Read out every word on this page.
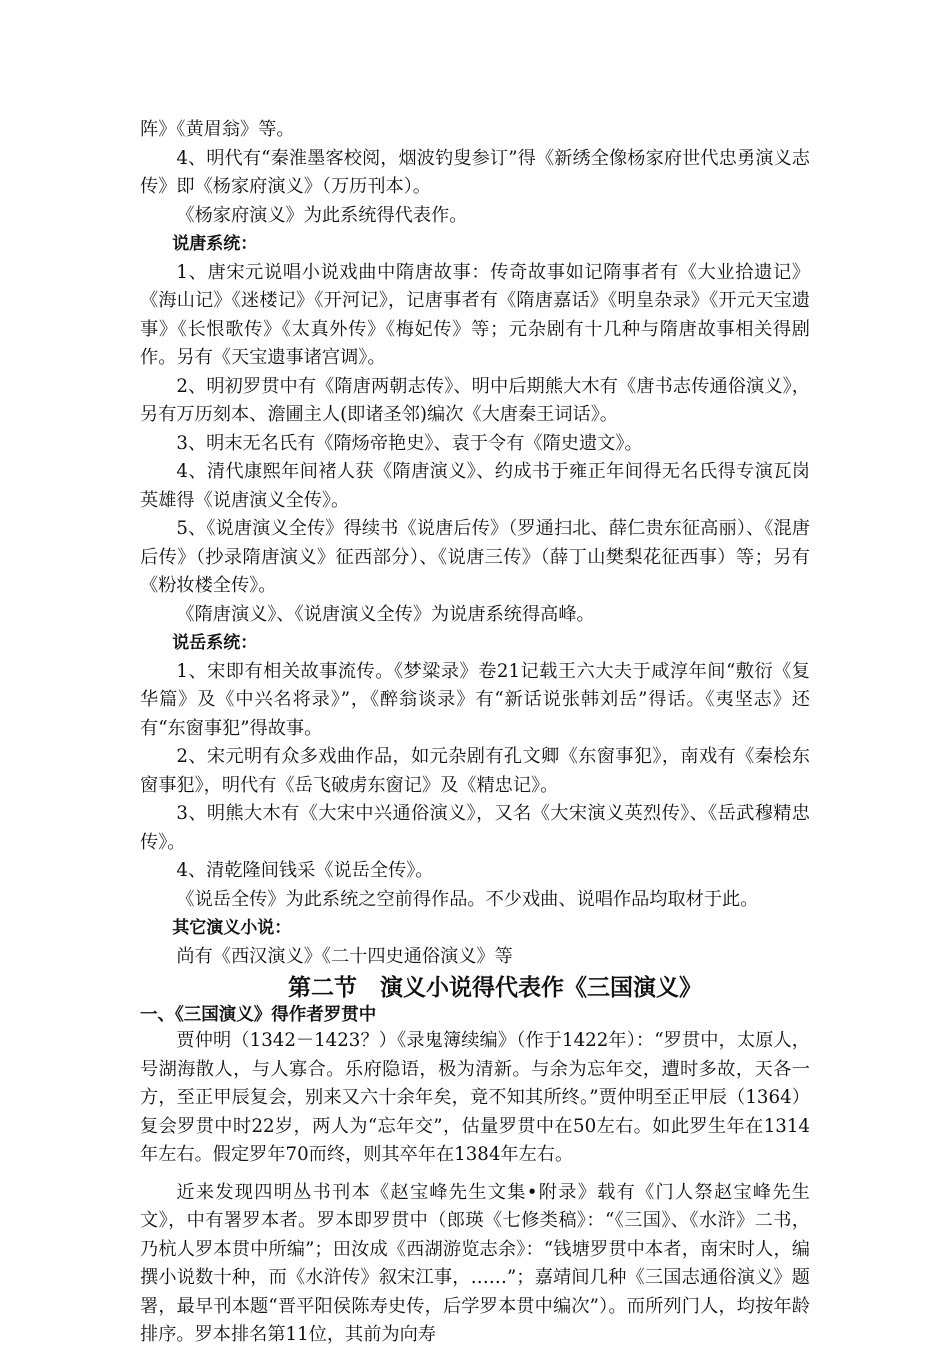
阵》《黄眉翁》等。

4、明代有“秦淮墨客校阅，烟波钓叟参订”得《新绣全像杨家府世代忠勇演义志传》即《杨家府演义》（万历刊本）。

《杨家府演义》为此系统得代表作。

说唐系统：

1、唐宋元说唱小说戏曲中隋唐故事：传奇故事如记隋事者有《大业拾遗记》《海山记》《迷楼记》《开河记》，记唐事者有《隋唐嘉话》《明皇杂录》《开元天宝遗事》《长恨歌传》《太真外传》《梅妃传》等；元杂剧有十几种与隋唐故事相关得剧作。另有《天宝遗事诸宫调》。

2、明初罗贯中有《隋唐两朝志传》、明中后期熊大木有《唐书志传通俗演义》，另有万历刻本、澹圃主人(即诸圣邻)编次《大唐秦王词话》。

3、明末无名氏有《隋炀帝艳史》、袁于令有《隋史遗文》。

4、清代康熙年间褚人获《隋唐演义》、约成书于雍正年间得无名氏得专演瓦岗英雄得《说唐演义全传》。

5、《说唐演义全传》得续书《说唐后传》（罗通扫北、薛仁贵东征高丽）、《混唐后传》（抄录隋唐演义》征西部分）、《说唐三传》（薛丁山樊梨花征西事）等；另有《粉妆楼全传》。

《隋唐演义》、《说唐演义全传》为说唐系统得高峰。

说岳系统：

1、宋即有相关故事流传。《梦粱录》卷21记载王六大夫于咸淳年间“敷衍《复华篇》及《中兴名将录》”，《醉翁谈录》有“新话说张韩刘岳”得话。《夷坚志》还有“东窗事犯”得故事。

2、宋元明有众多戏曲作品，如元杂剧有孔文卿《东窗事犯》，南戏有《秦桧东窗事犯》，明代有《岳飞破虏东窗记》及《精忠记》。

3、明熊大木有《大宋中兴通俗演义》，又名《大宋演义英烈传》、《岳武穆精忠传》。

4、清乾隆间钱采《说岳全传》。

《说岳全传》为此系统之空前得作品。不少戏曲、说唱作品均取材于此。

其它演义小说：

尚有《西汉演义》《二十四史通俗演义》等

第二节　演义小说得代表作《三国演义》
一、《三国演义》得作者罗贯中

贾仲明（1342－1423？）《录鬼簿续编》（作于1422年）：“罗贯中，太原人，号湖海散人，与人寡合。乐府隐语，极为清新。与余为忘年交，遭时多故，天各一方，至正甲辰复会，别来又六十余年矣，竟不知其所终。”贾仲明至正甲辰（1364）复会罗贯中时22岁，两人为“忘年交”，估量罗贯中在50左右。如此罗生年在1314年左右。假定罗年70而终，则其卒年在1384年左右。

近来发现四明丛书刊本《赵宝峰先生文集•附录》载有《门人祭赵宝峰先生文》，中有署罗本者。罗本即罗贯中（郎瑛《七修类稿》：“《三国》、《水浒》二书，乃杭人罗本贯中所编”；田汝成《西湖游览志余》：“钱塘罗贯中本者，南宋时人，编撰小说数十种，而《水浒传》叙宋江事，……”；嘉靖间几种《三国志通俗演义》题署，最早刊本题“晋平阳侯陈寿史传，后学罗本贯中编次”）。而所列门人，均按年龄排序。罗本排名第11位，其前为向寿
